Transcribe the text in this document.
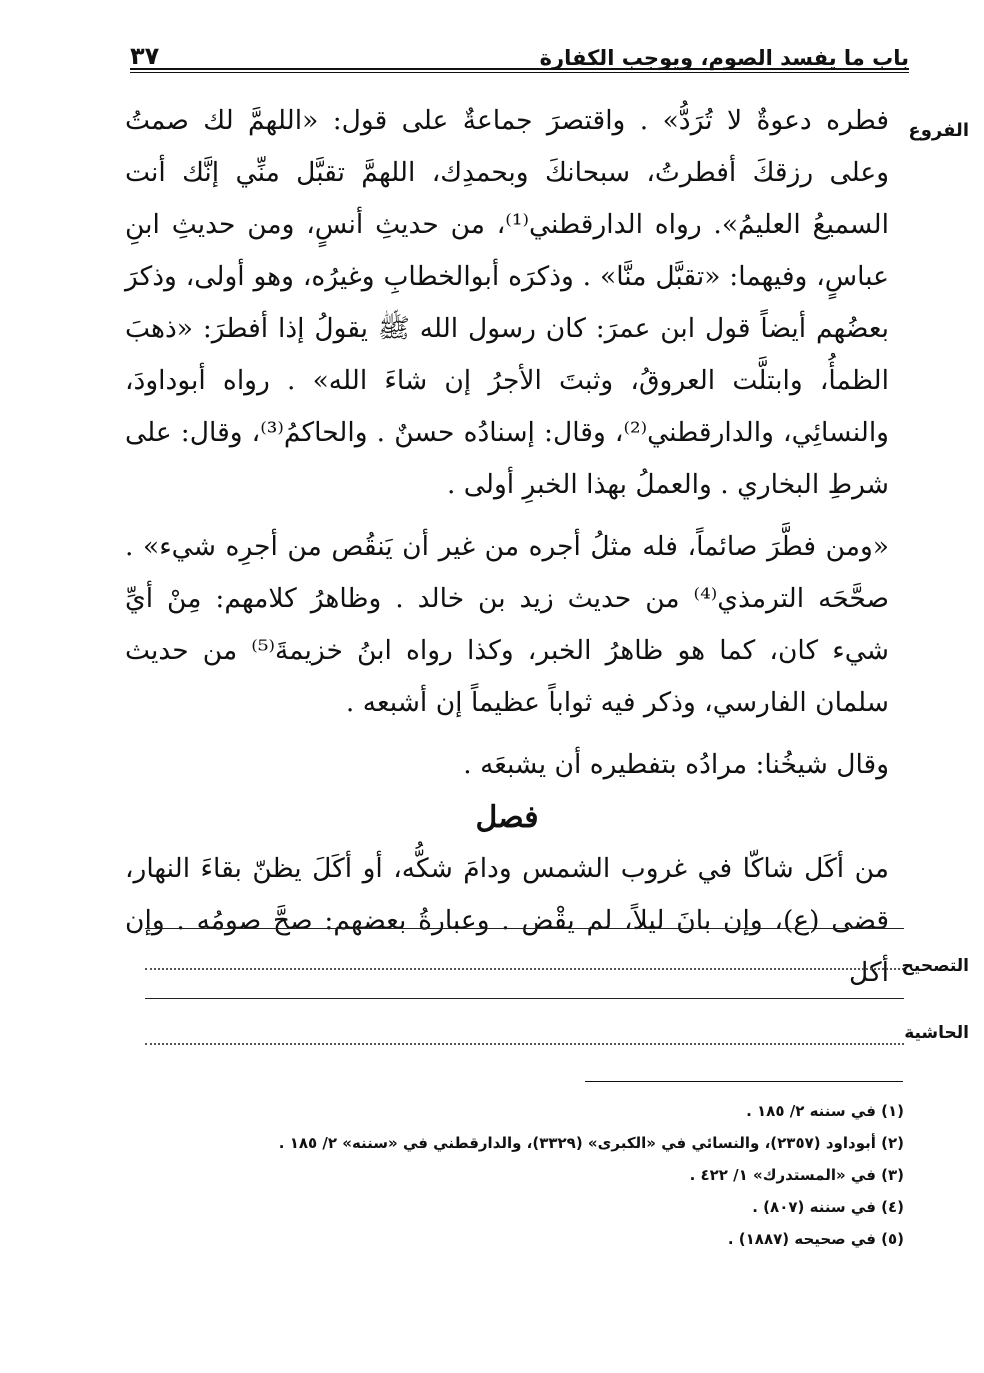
باب ما يفسد الصوم، ويوجب الكفارة
٣٧
الفروع

فطره دعوةٌ لا تُرَدُّ» . واقتصرَ جماعةٌ على قول: «اللهمَّ لك صمتُ وعلى رزقكَ أفطرتُ، سبحانكَ وبحمدِك، اللهمَّ تقبَّل منِّي إنَّك أنت السميعُ العليمُ». رواه الدارقطني⁽¹⁾، من حديثِ أنسٍ، ومن حديثِ ابنِ عباسٍ، وفيهما: «تقبَّل منَّا» . وذكرَه أبوالخطابِ وغيرُه، وهو أولى، وذكرَ بعضُهم أيضاً قول ابن عمرَ: كان رسول الله ﷺ يقولُ إذا أفطرَ: «ذهبَ الظمأُ، وابتلَّت العروقُ، وثبتَ الأجرُ إن شاءَ الله» . رواه أبوداودَ، والنسائِي، والدارقطني⁽²⁾، وقال: إسنادُه حسنٌ . والحاكمُ⁽³⁾، وقال: على شرطِ البخاري . والعملُ بهذا الخبرِ أولى .

«ومن فطَّرَ صائماً، فله مثلُ أجره من غير أن يَنقُص من أجرِه شيء» . صحَّحَه الترمذي⁽⁴⁾ من حديث زيد بن خالد . وظاهرُ كلامهم: مِنْ أيِّ شيء كان، كما هو ظاهرُ الخبر، وكذا رواه ابنُ خزيمةَ⁽⁵⁾ من حديث سلمان الفارسي، وذكر فيه ثواباً عظيماً إن أشبعه .

وقال شيخُنا: مرادُه بتفطيره أن يشبعَه .

فصل

من أكَل شاكّا في غروب الشمس ودامَ شكُّه، أو أكَلَ يظنّ بقاءَ النهار، قضى (ع)، وإن بانَ ليلاً، لم يقْض . وعبارةُ بعضهم: صحَّ صومُه . وإن أكل التصحيح
الحاشية
(١) في سننه ٢/ ١٨٥ .
(٢) أبوداود (٢٣٥٧)، والنسائي في «الكبرى» (٣٣٢٩)، والدارقطني في «سننه» ٢/ ١٨٥ .
(٣) في «المستدرك» ١/ ٤٢٢ .
(٤) في سننه (٨٠٧) .
(٥) في صحيحه (١٨٨٧) .
